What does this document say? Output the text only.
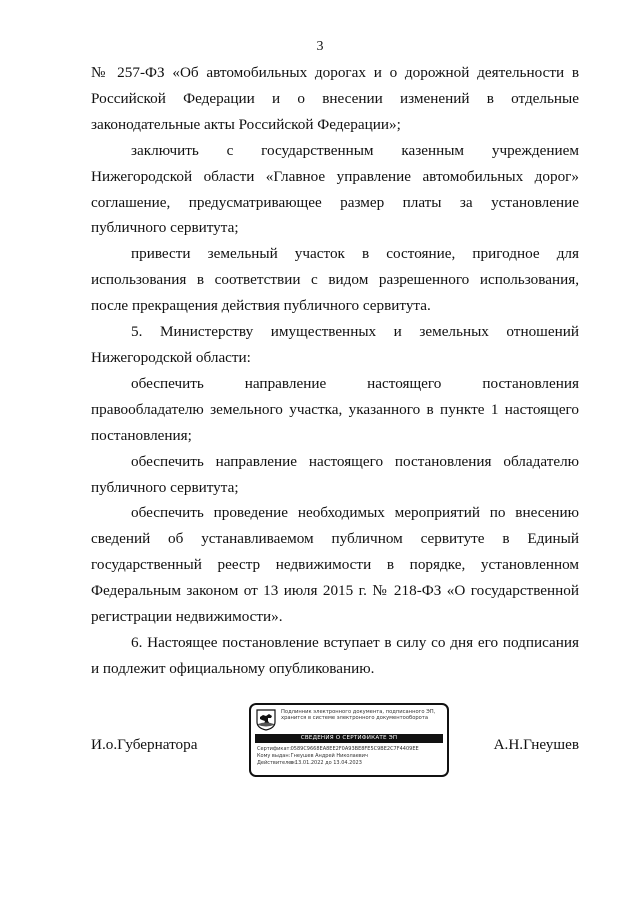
3

№ 257-ФЗ «Об автомобильных дорогах и о дорожной деятельности в Российской Федерации и о внесении изменений в отдельные законодательные акты Российской Федерации»;

заключить с государственным казенным учреждением Нижегородской области «Главное управление автомобильных дорог» соглашение, предусматривающее размер платы за установление публичного сервитута;

привести земельный участок в состояние, пригодное для использования в соответствии с видом разрешенного использования, после прекращения действия публичного сервитута.

5. Министерству имущественных и земельных отношений Нижегородской области:

обеспечить направление настоящего постановления правообладателю земельного участка, указанного в пункте 1 настоящего постановления;

обеспечить направление настоящего постановления обладателю публичного сервитута;

обеспечить проведение необходимых мероприятий по внесению сведений об устанавливаемом публичном сервитуте в Единый государственный реестр недвижимости в порядке, установленном Федеральным законом от 13 июля 2015 г. № 218-ФЗ «О государственной регистрации недвижимости».

6. Настоящее постановление вступает в силу со дня его подписания и подлежит официальному опубликованию.

И.о.Губернатора	А.Н.Гнеушев
Подлинник электронного документа, подписанного ЭП, хранится в системе электронного документооборота
СВЕДЕНИЯ О СЕРТИФИКАТЕ ЭП
Сертификат: 0589C9668EA8EE2F0A93BE8FE5C9BE2C7F4409EE
Кому выдан: Гнеушев Андрей Николаевич
Действителен: с 13.01.2022 до 13.04.2023
